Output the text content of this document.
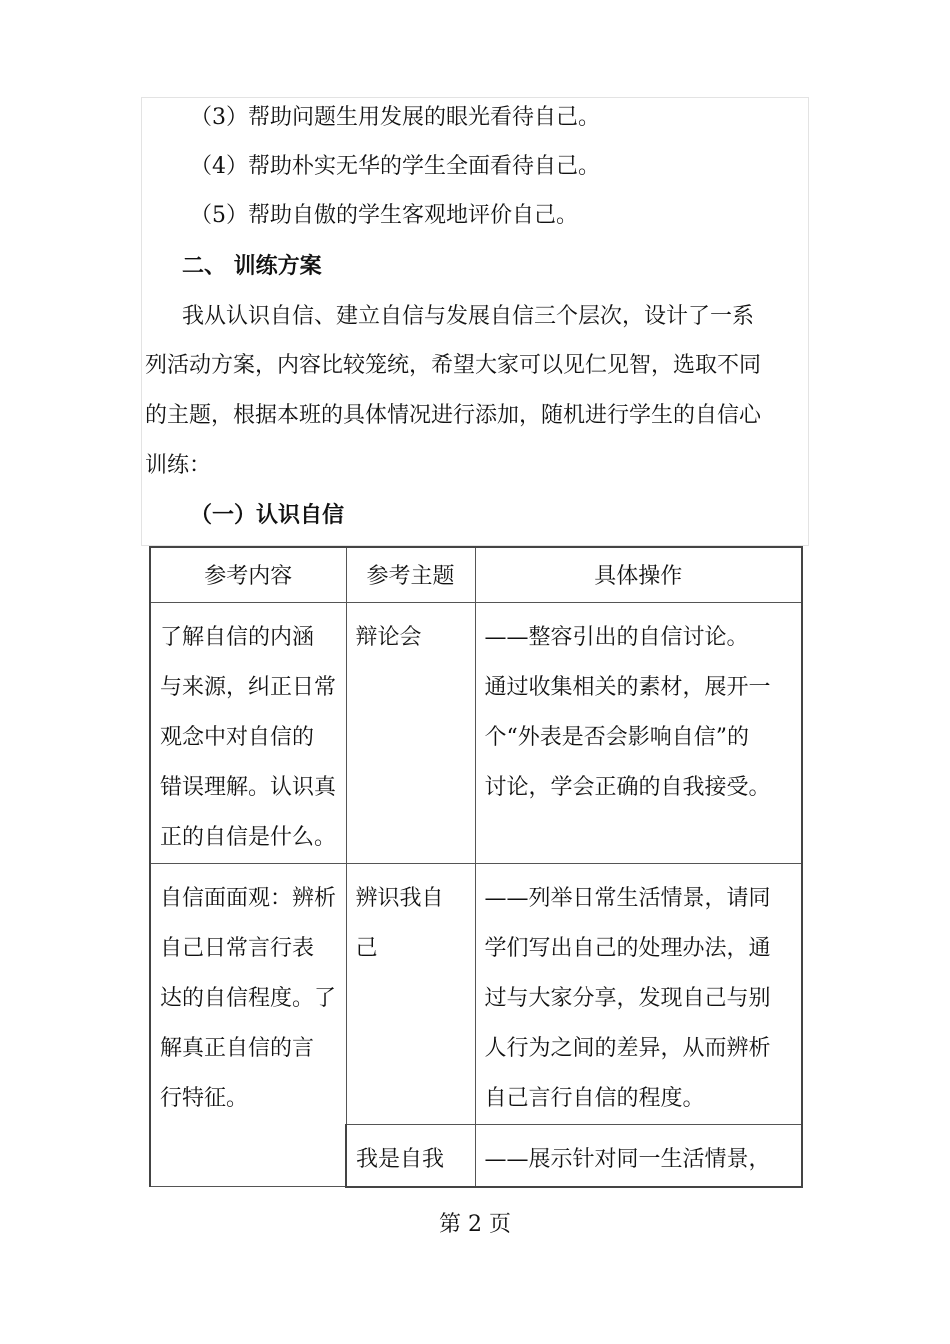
（3）帮助问题生用发展的眼光看待自己。
（4）帮助朴实无华的学生全面看待自己。
（5）帮助自傲的学生客观地评价自己。
二、 训练方案
我从认识自信、建立自信与发展自信三个层次，设计了一系
列活动方案，内容比较笼统，希望大家可以见仁见智，选取不同
的主题，根据本班的具体情况进行添加，随机进行学生的自信心
训练：
（一）认识自信
参考内容	参考主题	具体操作

了解自信的内涵
与来源，纠正日常
观念中对自信的
错误理解。认识真
正的自信是什么。	辩论会	——整容引出的自信讨论。
通过收集相关的素材，展开一
个“外表是否会影响自信”的
讨论，学会正确的自我接受。

自信面面观：辨析
自己日常言行表
达的自信程度。了
解真正自信的言
行特征。	辨识我自
己	——列举日常生活情景，请同
学们写出自己的处理办法，通
过与大家分享，发现自己与别
人行为之间的差异，从而辨析
自己言行自信的程度。

	我是自我	——展示针对同一生活情景，
第 2 页
